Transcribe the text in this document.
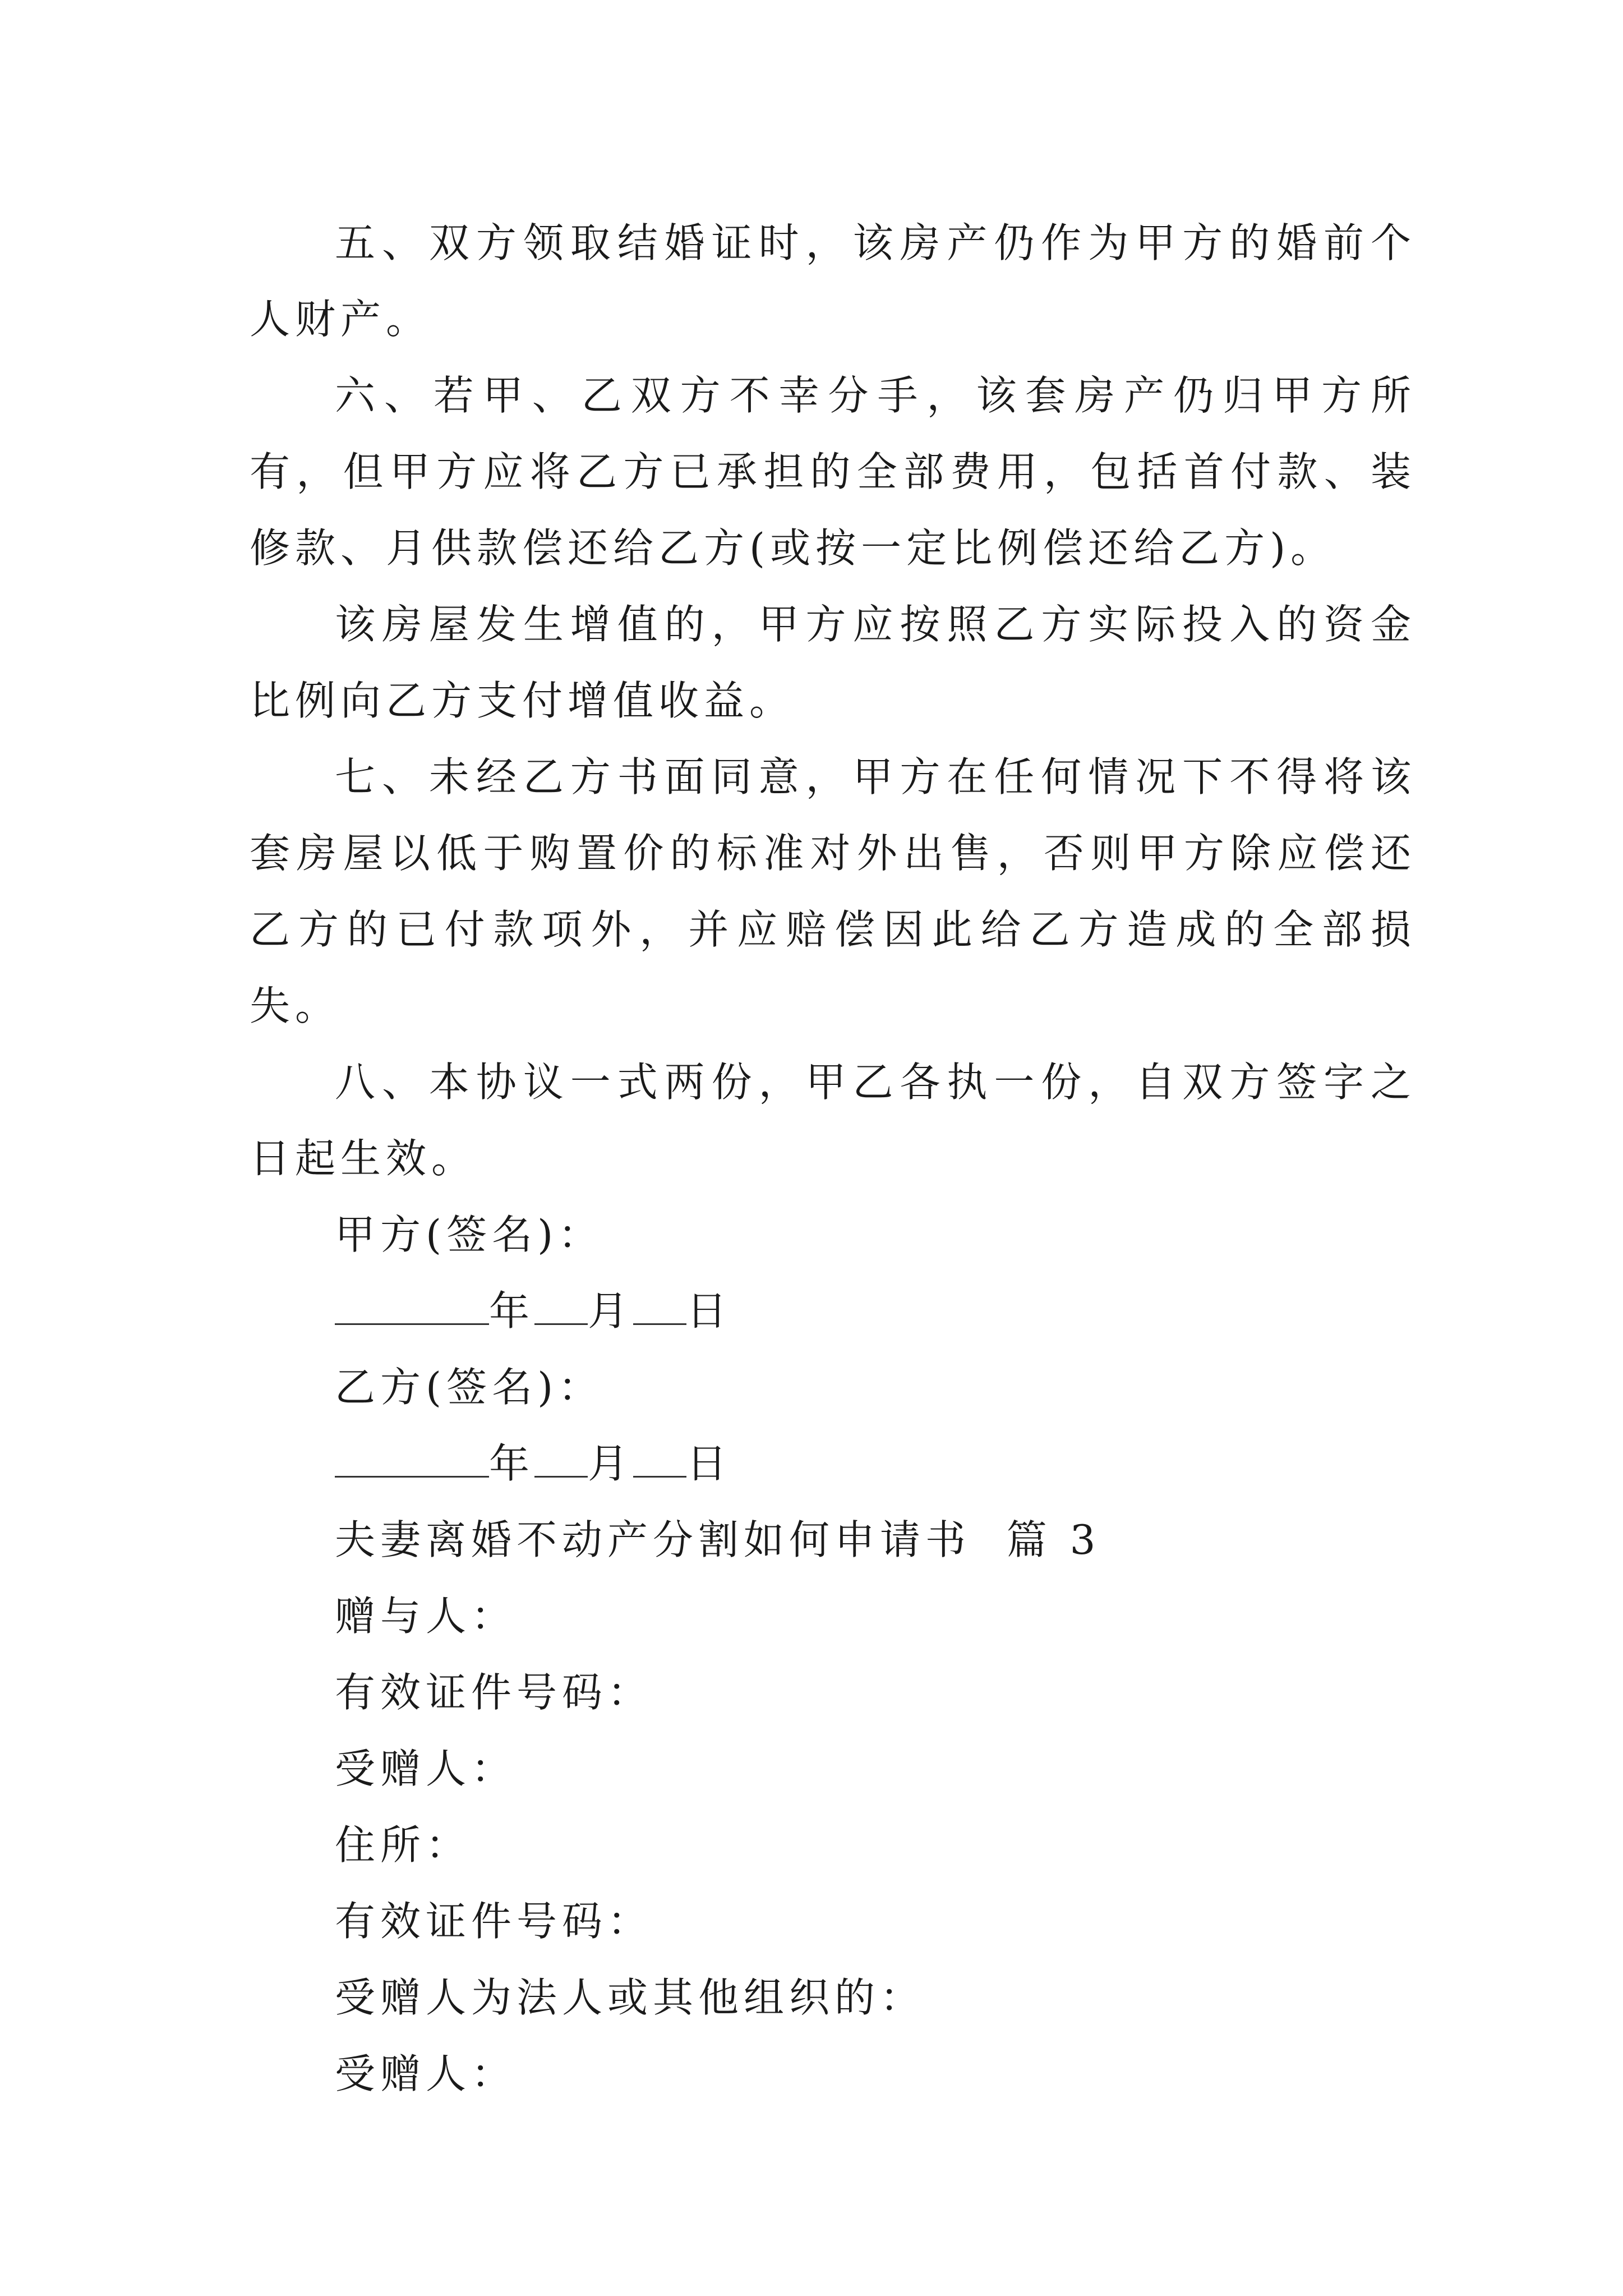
五、双方领取结婚证时，该房产仍作为甲方的婚前个人财产。

六、若甲、乙双方不幸分手，该套房产仍归甲方所有，但甲方应将乙方已承担的全部费用，包括首付款、装修款、月供款偿还给乙方(或按一定比例偿还给乙方)。

该房屋发生增值的，甲方应按照乙方实际投入的资金比例向乙方支付增值收益。

七、未经乙方书面同意，甲方在任何情况下不得将该套房屋以低于购置价的标准对外出售，否则甲方除应偿还乙方的已付款项外，并应赔偿因此给乙方造成的全部损失。

八、本协议一式两份，甲乙各执一份，自双方签字之日起生效。

甲方(签名)：

年 月 日

乙方(签名)：

年 月 日

夫妻离婚不动产分割如何申请书  篇 3

赠与人：

有效证件号码：

受赠人：

住所：

有效证件号码：

受赠人为法人或其他组织的：

受赠人：
